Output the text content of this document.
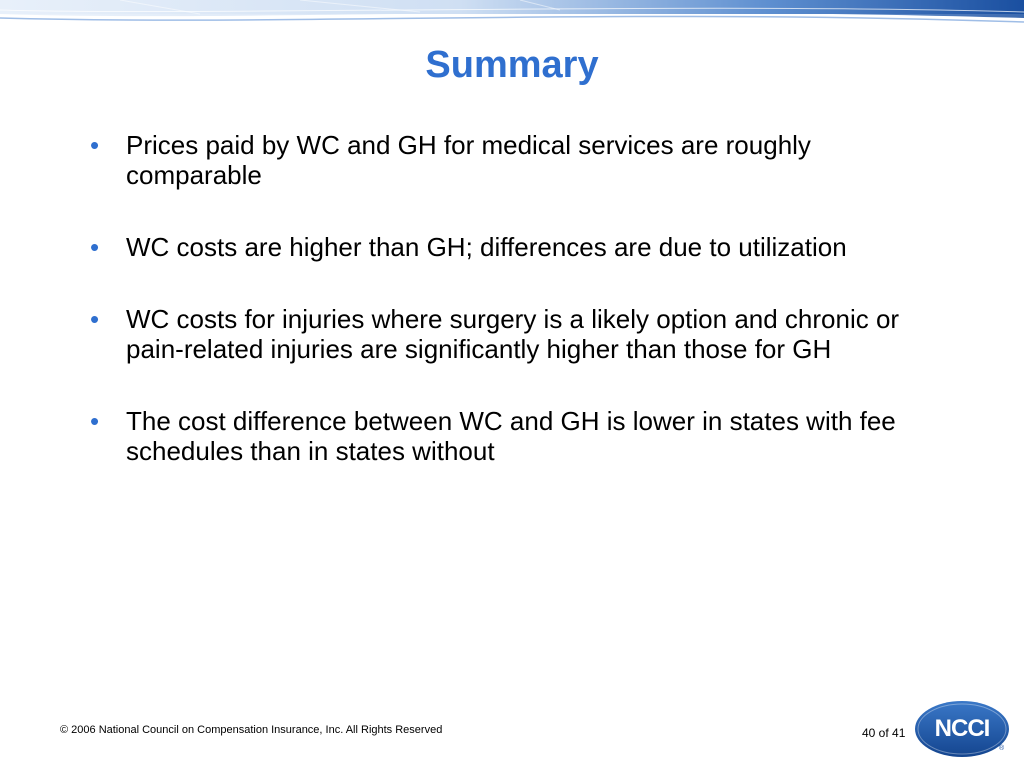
Summary
• Prices paid by WC and GH for medical services are roughly comparable
• WC costs are higher than GH; differences are due to utilization
• WC costs for injuries where surgery is a likely option and chronic or pain-related injuries are significantly higher than those for GH
• The cost difference between WC and GH is lower in states with fee schedules than in states without
© 2006 National Council on Compensation Insurance, Inc. All Rights Reserved	40 of 41	NCCI
®
